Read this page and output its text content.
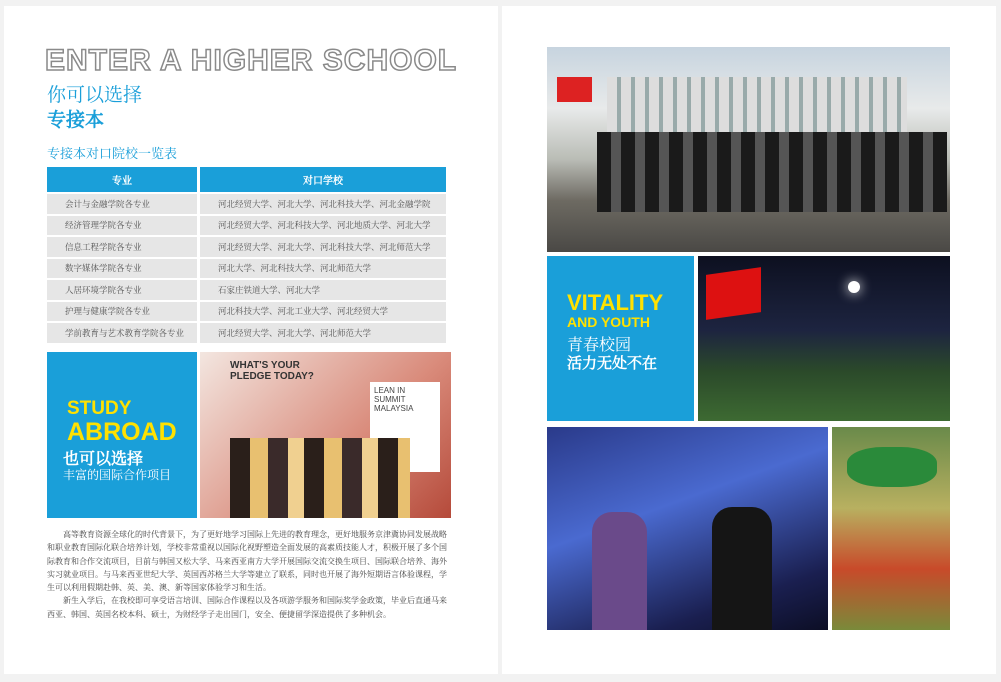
ENTER A HIGHER SCHOOL
你可以选择
专接本
专接本对口院校一览表
专业	对口学校
会计与金融学院各专业	河北经贸大学、河北大学、河北科技大学、河北金融学院
经济管理学院各专业	河北经贸大学、河北科技大学、河北地质大学、河北大学
信息工程学院各专业	河北经贸大学、河北大学、河北科技大学、河北师范大学
数字媒体学院各专业	河北大学、河北科技大学、河北师范大学
人居环境学院各专业	石家庄铁道大学、河北大学
护理与健康学院各专业	河北科技大学、河北工业大学、河北经贸大学
学前教育与艺术教育学院各专业	河北经贸大学、河北大学、河北师范大学
STUDY
ABROAD
也可以选择
丰富的国际合作项目
WHAT'S YOUR PLEDGE TODAY?
LEAN IN SUMMIT MALAYSIA

高等教育资源全球化的时代背景下，为了更好地学习国际上先进的教育理念，更好地服务京津冀协同发展战略和职业教育国际化联合培养计划，学校非常重视以国际化视野塑造全面发展的高素质技能人才，积极开展了多个国际教育和合作交流项目，目前与韩国又松大学、马来西亚南方大学开展国际交流交换生项目、国际联合培养、海外实习就业项目。与马来西亚世纪大学、英国西苏格兰大学等建立了联系，同时也开展了海外短期语言体验课程，学生可以利用假期赴韩、英、美、澳、新等国家体验学习和生活。

新生入学后，在我校即可享受语言培训、国际合作课程以及各项游学服务和国际奖学金政策，毕业后直通马来西亚、韩国、英国名校本科、硕士，为财经学子走出国门，安全、便捷留学深造提供了多种机会。

VITALITY
AND YOUTH
青春校园
活力无处不在
